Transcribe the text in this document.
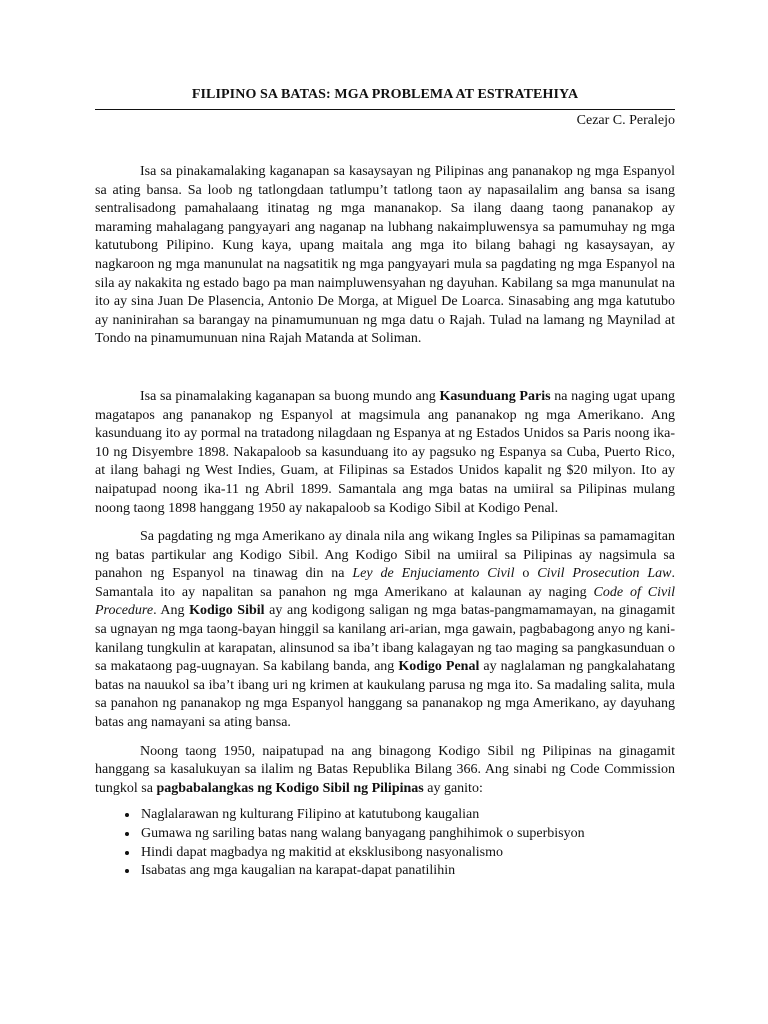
FILIPINO SA BATAS: MGA PROBLEMA AT ESTRATEHIYA
Cezar C. Peralejo

Isa sa pinakamalaking kaganapan sa kasaysayan ng Pilipinas ang pananakop ng mga Espanyol sa ating bansa. Sa loob ng tatlongdaan tatlumpu’t tatlong taon ay napasailalim ang bansa sa isang sentralisadong pamahalaang itinatag ng mga mananakop. Sa ilang daang taong pananakop ay maraming mahalagang pangyayari ang naganap na lubhang nakaimpluwensya sa pamumuhay ng mga katutubong Pilipino. Kung kaya, upang maitala ang mga ito bilang bahagi ng kasaysayan, ay nagkaroon ng mga manunulat na nagsatitik ng mga pangyayari mula sa pagdating ng mga Espanyol na sila ay nakakita ng estado bago pa man naimpluwensyahan ng dayuhan. Kabilang sa mga manunulat na ito ay sina Juan De Plasencia, Antonio De Morga, at Miguel De Loarca. Sinasabing ang mga katutubo ay naninirahan sa barangay na pinamumunuan ng mga datu o Rajah. Tulad na lamang ng Maynilad at Tondo na pinamumunuan nina Rajah Matanda at Soliman.

Isa sa pinamalaking kaganapan sa buong mundo ang Kasunduang Paris na naging ugat upang magatapos ang pananakop ng Espanyol at magsimula ang pananakop ng mga Amerikano. Ang kasunduang ito ay pormal na tratadong nilagdaan ng Espanya at ng Estados Unidos sa Paris noong ika-10 ng Disyembre 1898. Nakapaloob sa kasunduang ito ay pagsuko ng Espanya sa Cuba, Puerto Rico, at ilang bahagi ng West Indies, Guam, at Filipinas sa Estados Unidos kapalit ng $20 milyon. Ito ay naipatupad noong ika-11 ng Abril 1899. Samantala ang mga batas na umiiral sa Pilipinas mulang noong taong 1898 hanggang 1950 ay nakapaloob sa Kodigo Sibil at Kodigo Penal.

Sa pagdating ng mga Amerikano ay dinala nila ang wikang Ingles sa Pilipinas sa pamamagitan ng batas partikular ang Kodigo Sibil. Ang Kodigo Sibil na umiiral sa Pilipinas ay nagsimula sa panahon ng Espanyol na tinawag din na Ley de Enjuciamento Civil o Civil Prosecution Law. Samantala ito ay napalitan sa panahon ng mga Amerikano at kalaunan ay naging Code of Civil Procedure. Ang Kodigo Sibil ay ang kodigong saligan ng mga batas-pangmamamayan, na ginagamit sa ugnayan ng mga taong-bayan hinggil sa kanilang ari-arian, mga gawain, pagbabagong anyo ng kani-kanilang tungkulin at karapatan, alinsunod sa iba’t ibang kalagayan ng tao maging sa pangkasunduan o sa makataong pag-uugnayan. Sa kabilang banda, ang Kodigo Penal ay naglalaman ng pangkalahatang batas na nauukol sa iba’t ibang uri ng krimen at kaukulang parusa ng mga ito. Sa madaling salita, mula sa panahon ng pananakop ng mga Espanyol hanggang sa pananakop ng mga Amerikano, ay dayuhang batas ang namayani sa ating bansa.

Noong taong 1950, naipatupad na ang binagong Kodigo Sibil ng Pilipinas na ginagamit hanggang sa kasalukuyan sa ilalim ng Batas Republika Bilang 366. Ang sinabi ng Code Commission tungkol sa pagbabalangkas ng Kodigo Sibil ng Pilipinas ay ganito:

• Naglalarawan ng kulturang Filipino at katutubong kaugalian
• Gumawa ng sariling batas nang walang banyagang panghihimok o superbisyon
• Hindi dapat magbadya ng makitid at eksklusibong nasyonalismo
• Isabatas ang mga kaugalian na karapat-dapat panatilihin
